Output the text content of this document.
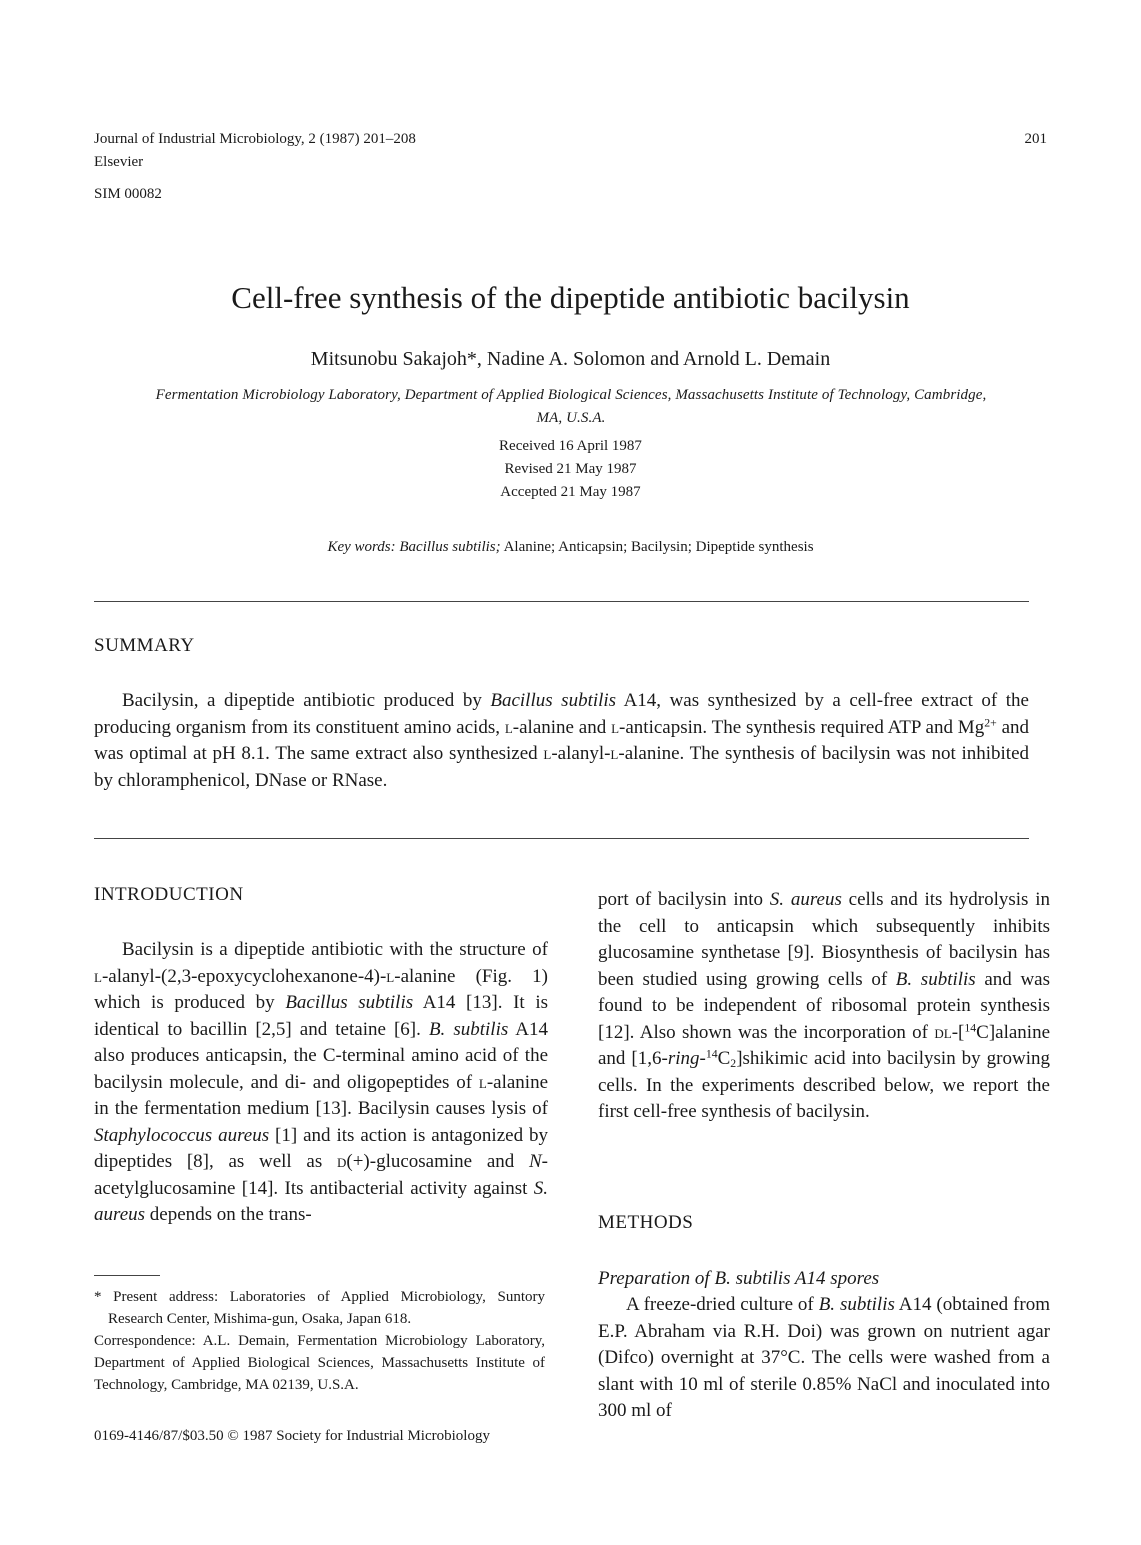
Journal of Industrial Microbiology, 2 (1987) 201–208	201
Elsevier
SIM 00082
Cell-free synthesis of the dipeptide antibiotic bacilysin
Mitsunobu Sakajoh*, Nadine A. Solomon and Arnold L. Demain
Fermentation Microbiology Laboratory, Department of Applied Biological Sciences, Massachusetts Institute of Technology, Cambridge,
MA, U.S.A.
Received 16 April 1987
Revised 21 May 1987
Accepted 21 May 1987
Key words: Bacillus subtilis; Alanine; Anticapsin; Bacilysin; Dipeptide synthesis
SUMMARY

Bacilysin, a dipeptide antibiotic produced by Bacillus subtilis A14, was synthesized by a cell-free extract of the producing organism from its constituent amino acids, l-alanine and l-anticapsin. The synthesis required ATP and $Mg^{2+}$ and was optimal at pH 8.1. The same extract also synthesized l-alanyl-l-alanine. The synthesis of bacilysin was not inhibited by chloramphenicol, DNase or RNase.

INTRODUCTION

Bacilysin is a dipeptide antibiotic with the structure of l-alanyl-(2,3-epoxycyclohexanone-4)-l-alanine (Fig. 1) which is produced by Bacillus subtilis A14 [13]. It is identical to bacillin [2,5] and tetaine [6]. B. subtilis A14 also produces anticapsin, the C-terminal amino acid of the bacilysin molecule, and di- and oligopeptides of l-alanine in the fermentation medium [13]. Bacilysin causes lysis of Staphylococcus aureus [1] and its action is antagonized by dipeptides [8], as well as d(+)-glucosamine and N-acetylglucosamine [14]. Its antibacterial activity against S. aureus depends on the trans-

port of bacilysin into S. aureus cells and its hydrolysis in the cell to anticapsin which subsequently inhibits glucosamine synthetase [9]. Biosynthesis of bacilysin has been studied using growing cells of B. subtilis and was found to be independent of ribosomal protein synthesis [12]. Also shown was the incorporation of dl-[$^{14}$C]alanine and $[1,6-ring-^{14}C_2]shikimic$ acid into bacilysin by growing cells. In the experiments described below, we report the first cell-free synthesis of bacilysin.

METHODS
Preparation of B. subtilis A14 spores

A freeze-dried culture of B. subtilis A14 (obtained from E.P. Abraham via R.H. Doi) was grown on nutrient agar (Difco) overnight at 37°C. The cells were washed from a slant with 10 ml of sterile 0.85% NaCl and inoculated into 300 ml of

* Present address: Laboratories of Applied Microbiology, Suntory Research Center, Mishima-gun, Osaka, Japan 618.

Correspondence: A.L. Demain, Fermentation Microbiology Laboratory, Department of Applied Biological Sciences, Massachusetts Institute of Technology, Cambridge, MA 02139, U.S.A.

0169-4146/87/$03.50 © 1987 Society for Industrial Microbiology
